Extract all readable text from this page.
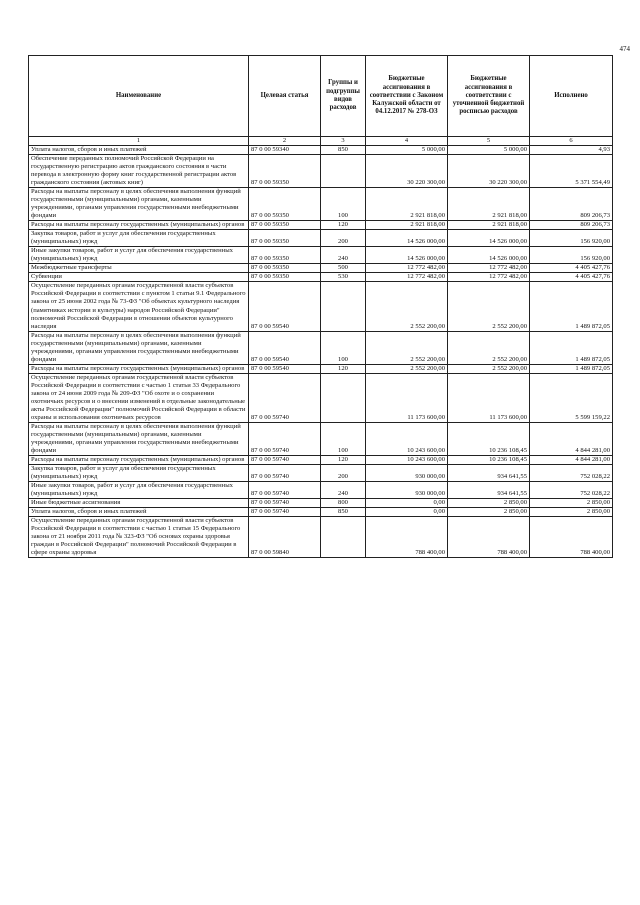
474
Наименование	Целевая статья	Группы и подгруппы видов расходов	Бюджетные ассигнования в соответствии с Законом Калужской области от 04.12.2017 № 278-ОЗ	Бюджетные ассигнования в соответствии с уточненной бюджетной росписью расходов	Исполнено
1	2	3	4	5	6
Уплата налогов, сборов и иных платежей	87 0 00 59340	850	5 000,00	5 000,00	4,93
Обеспечение переданных полномочий Российской Федерации на государственную регистрацию актов гражданского состояния в части перевода в электронную форму книг государственной регистрации актов гражданского состояния (актовых книг)	87 0 00 59350		30 220 300,00	30 220 300,00	5 371 554,49
Расходы на выплаты персоналу в целях обеспечения выполнения функций государственными (муниципальными) органами, казенными учреждениями, органами управления государственными внебюджетными фондами	87 0 00 59350	100	2 921 818,00	2 921 818,00	809 206,73
Расходы на выплаты персоналу государственных (муниципальных) органов	87 0 00 59350	120	2 921 818,00	2 921 818,00	809 206,73
Закупка товаров, работ и услуг для обеспечения государственных (муниципальных) нужд	87 0 00 59350	200	14 526 000,00	14 526 000,00	156 920,00
Иные закупки товаров, работ и услуг для обеспечения государственных (муниципальных) нужд	87 0 00 59350	240	14 526 000,00	14 526 000,00	156 920,00
Межбюджетные трансферты	87 0 00 59350	500	12 772 482,00	12 772 482,00	4 405 427,76
Субвенции	87 0 00 59350	530	12 772 482,00	12 772 482,00	4 405 427,76
Осуществление переданных органам государственной власти субъектов Российской Федерации в соответствии с пунктом 1 статьи 9.1 Федерального закона от 25 июня 2002 года № 73-ФЗ "Об объектах культурного наследия (памятниках истории и культуры) народов Российской Федерации" полномочий Российской Федерации в отношении объектов культурного наследия	87 0 00 59540		2 552 200,00	2 552 200,00	1 489 872,05
Расходы на выплаты персоналу в целях обеспечения выполнения функций государственными (муниципальными) органами, казенными учреждениями, органами управления государственными внебюджетными фондами	87 0 00 59540	100	2 552 200,00	2 552 200,00	1 489 872,05
Расходы на выплаты персоналу государственных (муниципальных) органов	87 0 00 59540	120	2 552 200,00	2 552 200,00	1 489 872,05
Осуществление переданных органам государственной власти субъектов Российской Федерации в соответствии с частью 1 статьи 33 Федерального закона от 24 июня 2009 года № 209-ФЗ "Об охоте и о сохранении охотничьих ресурсов и о внесении изменений в отдельные законодательные акты Российской Федерации" полномочий Российской Федерации в области охраны и использования охотничьих ресурсов	87 0 00 59740		11 173 600,00	11 173 600,00	5 599 159,22
Расходы на выплаты персоналу в целях обеспечения выполнения функций государственными (муниципальными) органами, казенными учреждениями, органами управления государственными внебюджетными фондами	87 0 00 59740	100	10 243 600,00	10 236 108,45	4 844 281,00
Расходы на выплаты персоналу государственных (муниципальных) органов	87 0 00 59740	120	10 243 600,00	10 236 108,45	4 844 281,00
Закупка товаров, работ и услуг для обеспечения государственных (муниципальных) нужд	87 0 00 59740	200	930 000,00	934 641,55	752 028,22
Иные закупки товаров, работ и услуг для обеспечения государственных (муниципальных) нужд	87 0 00 59740	240	930 000,00	934 641,55	752 028,22
Иные бюджетные ассигнования	87 0 00 59740	800	0,00	2 850,00	2 850,00
Уплата налогов, сборов и иных платежей	87 0 00 59740	850	0,00	2 850,00	2 850,00
Осуществление переданных органам государственной власти субъектов Российской Федерации в соответствии с частью 1 статьи 15 Федерального закона от 21 ноября 2011 года № 323-ФЗ "Об основах охраны здоровья граждан в Российской Федерации" полномочий Российской Федерации в сфере охраны здоровья	87 0 00 59840		788 400,00	788 400,00	788 400,00
